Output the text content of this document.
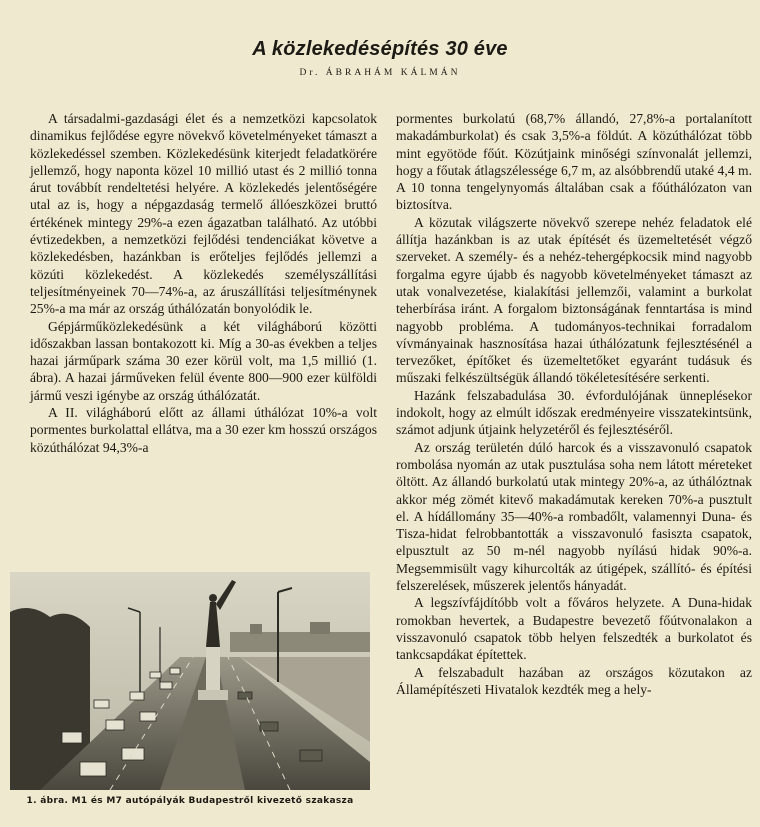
A közlekedésépítés 30 éve
Dr. ÁBRAHÁM KÁLMÁN

A társadalmi-gazdasági élet és a nemzetközi kapcsolatok dinamikus fejlődése egyre növekvő követelményeket támaszt a közlekedéssel szemben. Közlekedésünk kiterjedt feladatkörére jellemző, hogy naponta közel 10 millió utast és 2 millió tonna árut továbbít rendeltetési helyére. A közlekedés jelentőségére utal az is, hogy a népgazdaság termelő állóeszközei bruttó értékének mintegy 29%-a ezen ágazatban található. Az utóbbi évtizedekben, a nemzetközi fejlődési tendenciákat követve a közlekedésben, hazánkban is erőteljes fejlődés jellemzi a közúti közlekedést. A közlekedés személyszállítási teljesítményeinek 70—74%-a, az áruszállítási teljesítménynek 25%-a ma már az ország úthálózatán bonyolódik le.

Gépjárműközlekedésünk a két világháború közötti időszakban lassan bontakozott ki. Míg a 30-as években a teljes hazai járműpark száma 30 ezer körül volt, ma 1,5 millió (1. ábra). A hazai járműveken felül évente 800—900 ezer külföldi jármű veszi igénybe az ország úthálózatát.

A II. világháború előtt az állami úthálózat 10%-a volt pormentes burkolattal ellátva, ma a 30 ezer km hosszú országos közúthálózat 94,3%-a

1. ábra. M1 és M7 autópályák Budapestről kivezető szakasza

pormentes burkolatú (68,7% állandó, 27,8%-a portalanított makadámburkolat) és csak 3,5%-a földút. A közúthálózat több mint egyötöde főút. Közútjaink minőségi színvonalát jellemzi, hogy a főutak átlagszélessége 6,7 m, az alsóbbrendű utaké 4,4 m. A 10 tonna tengelynyomás általában csak a főúthálózaton van biztosítva.

A közutak világszerte növekvő szerepe nehéz feladatok elé állítja hazánkban is az utak építését és üzemeltetését végző szerveket. A személy- és a nehéz-tehergépkocsik mind nagyobb forgalma egyre újabb és nagyobb követelményeket támaszt az utak vonalvezetése, kialakítási jellemzői, valamint a burkolat teherbírása iránt. A forgalom biztonságának fenntartása is mind nagyobb probléma. A tudományos-technikai forradalom vívmányainak hasznosítása hazai úthálózatunk fejlesztésénél a tervezőket, építőket és üzemeltetőket egyaránt tudásuk és műszaki felkészültségük állandó tökéletesítésére serkenti.

Hazánk felszabadulása 30. évfordulójának ünneplésekor indokolt, hogy az elmúlt időszak eredményeire visszatekintsünk, számot adjunk útjaink helyzetéről és fejlesztéséről.

Az ország területén dúló harcok és a visszavonuló csapatok rombolása nyomán az utak pusztulása soha nem látott méreteket öltött. Az állandó burkolatú utak mintegy 20%-a, az úthálóztnak akkor még zömét kitevő makadámutak kereken 70%-a pusztult el. A hídállomány 35—40%-a rombadőlt, valamennyi Duna- és Tisza-hidat felrobbantották a visszavonuló fasiszta csapatok, elpusztult az 50 m-nél nagyobb nyílású hidak 90%-a. Megsemmisült vagy kihurcolták az útigépek, szállító- és építési felszerelések, műszerek jelentős hányadát.

A legszívfájdítóbb volt a főváros helyzete. A Duna-hidak romokban hevertek, a Budapestre bevezető főútvonalakon a visszavonuló csapatok több helyen felszedték a burkolatot és tankcsapdákat építettek.

A felszabadult hazában az országos közutakon az Államépítészeti Hivatalok kezdték meg a hely-
